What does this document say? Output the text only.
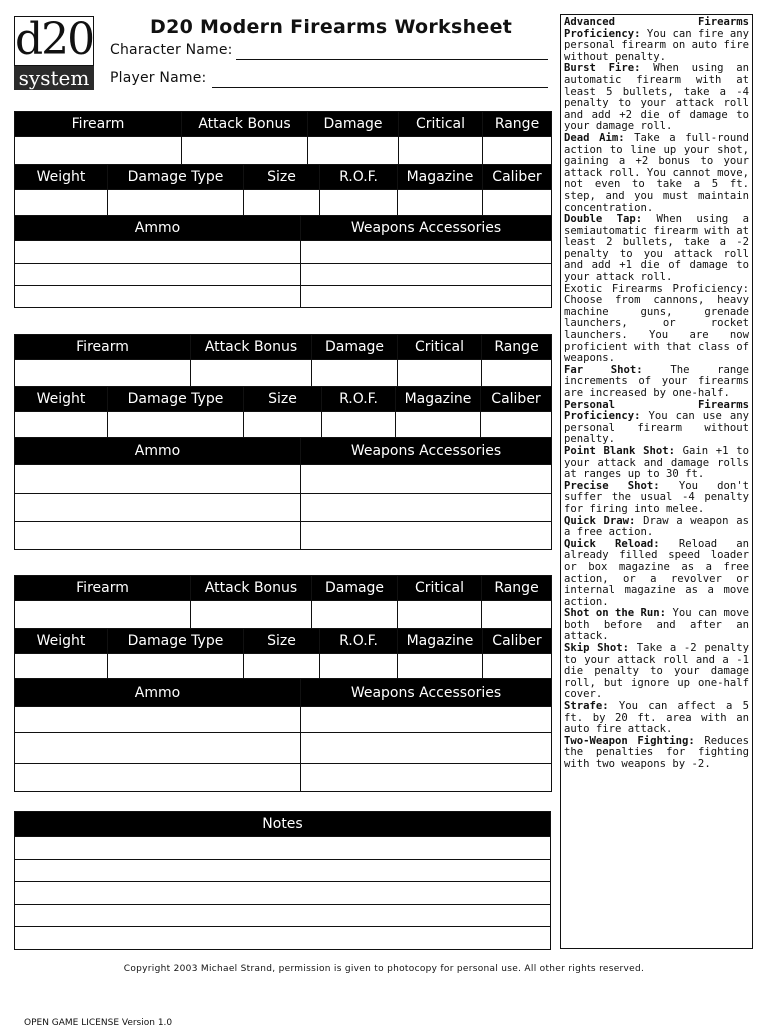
d20
system
D20 Modern Firearms Worksheet
Character Name:
Player Name:
Firearm	Attack Bonus	Damage	Critical	Range

Weight	Damage Type	Size	R.O.F.	Magazine	Caliber

Ammo	Weapons Accessories

Firearm	Attack Bonus	Damage	Critical	Range

Weight	Damage Type	Size	R.O.F.	Magazine	Caliber

Ammo	Weapons Accessories

Firearm	Attack Bonus	Damage	Critical	Range

Weight	Damage Type	Size	R.O.F.	Magazine	Caliber

Ammo	Weapons Accessories

Notes

Advanced Firearms Proficiency: You can fire any personal firearm on auto fire without penalty.

Burst Fire: When using an automatic firearm with at least 5 bullets, take a -4 penalty to your attack roll and add +2 die of damage to your damage roll.

Dead Aim: Take a full-round action to line up your shot, gaining a +2 bonus to your attack roll. You cannot move, not even to take a 5 ft. step, and you must maintain concentration.

Double Tap: When using a semiautomatic firearm with at least 2 bullets, take a -2 penalty to you attack roll and add +1 die of damage to your attack roll.

Exotic Firearms Proficiency: Choose from cannons, heavy machine guns, grenade launchers, or rocket launchers. You are now proficient with that class of weapons.

Far Shot: The range increments of your firearms are increased by one-half.

Personal Firearms Proficiency: You can use any personal firearm without penalty.

Point Blank Shot: Gain +1 to your attack and damage rolls at ranges up to 30 ft.

Precise Shot: You don't suffer the usual -4 penalty for firing into melee.

Quick Draw: Draw a weapon as a free action.

Quick Reload: Reload an already filled speed loader or box magazine as a free action, or a revolver or internal magazine as a move action.

Shot on the Run: You can move both before and after an attack.

Skip Shot: Take a -2 penalty to your attack roll and a -1 die penalty to your damage roll, but ignore up one-half cover.

Strafe: You can affect a 5 ft. by 20 ft. area with an auto fire attack.

Two-Weapon Fighting: Reduces the penalties for fighting with two weapons by -2.

Copyright 2003 Michael Strand, permission is given to photocopy for personal use. All other rights reserved.
OPEN GAME LICENSE Version 1.0
